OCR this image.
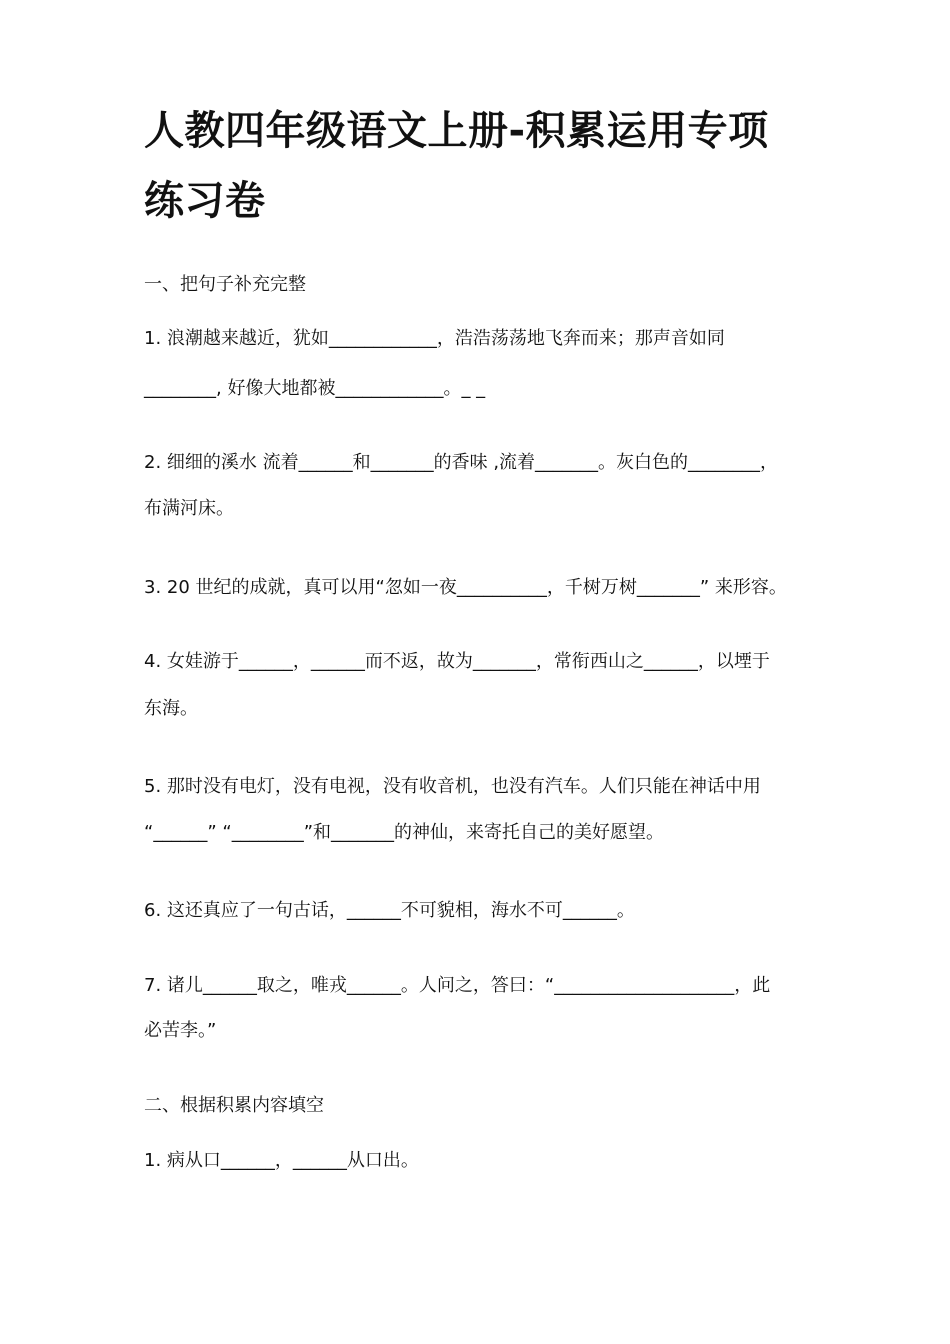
人教四年级语文上册-积累运用专项
练习卷
一、把句子补充完整
1. 浪潮越来越近，犹如____________，浩浩荡荡地飞奔而来；那声音如同
________, 好像大地都被____________。_ _
2. 细细的溪水 流着______和_______的香味 ,流着_______。灰白色的________，
布满河床。
3. 20 世纪的成就，真可以用“忽如一夜__________，千树万树_______” 来形容。
4. 女娃游于______，______而不返，故为_______，常衔西山之______，以堙于
东海。
5. 那时没有电灯，没有电视，没有收音机，也没有汽车。人们只能在神话中用
“______” “________”和_______的神仙，来寄托自己的美好愿望。
6. 这还真应了一句古话，______不可貌相，海水不可______。
7. 诸儿______取之，唯戎______。人问之，答曰：“____________________，此
必苦李。”
二、根据积累内容填空
1. 病从口______，______从口出。
